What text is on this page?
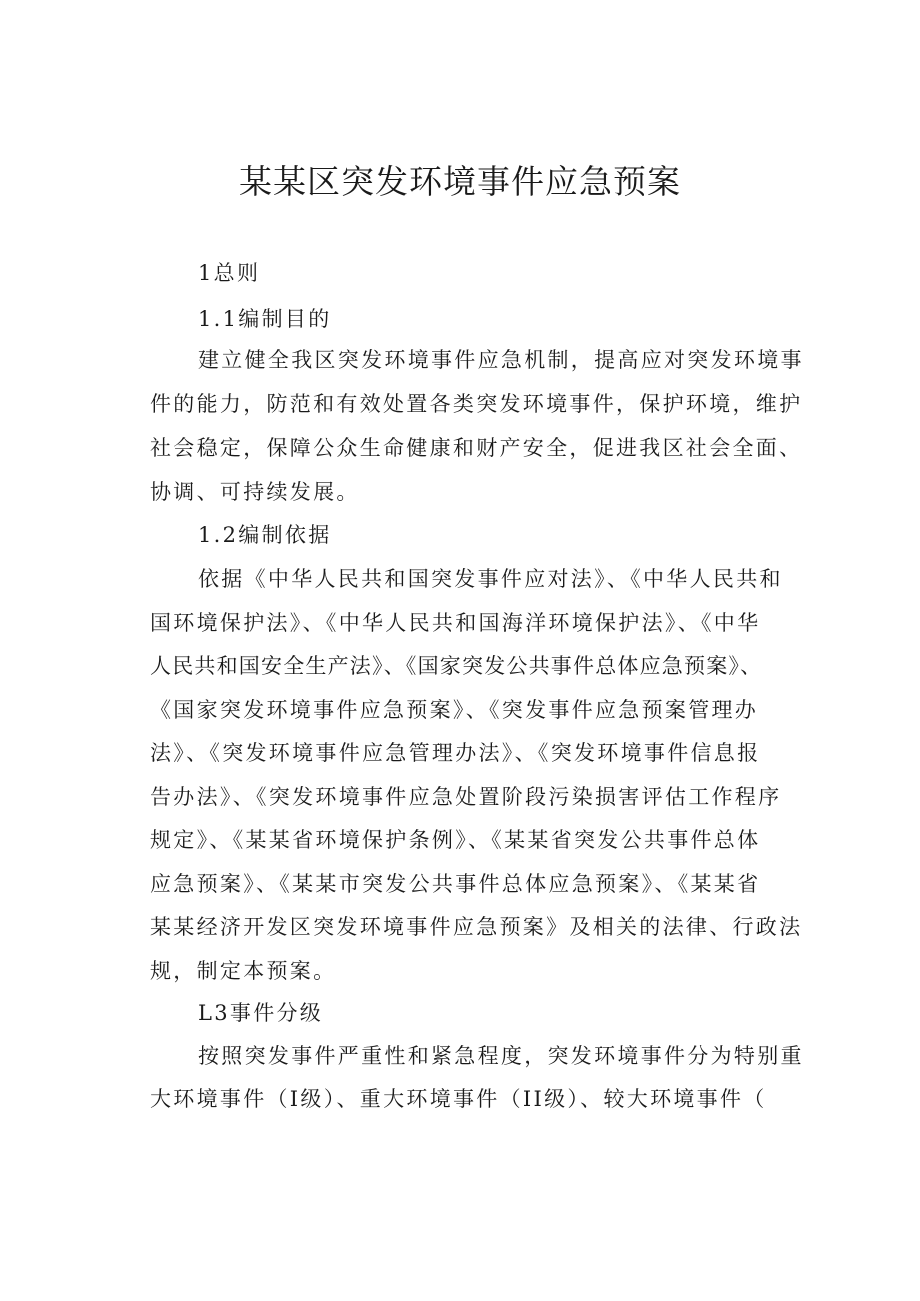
某某区突发环境事件应急预案
1总则
1.1编制目的
建立健全我区突发环境事件应急机制，提高应对突发环境事
件的能力，防范和有效处置各类突发环境事件，保护环境，维护
社会稳定，保障公众生命健康和财产安全，促进我区社会全面、
协调、可持续发展。
1.2编制依据
依据《中华人民共和国突发事件应对法》、《中华人民共和
国环境保护法》、《中华人民共和国海洋环境保护法》、《中华
人民共和国安全生产法》、《国家突发公共事件总体应急预案》、
《国家突发环境事件应急预案》、《突发事件应急预案管理办
法》、《突发环境事件应急管理办法》、《突发环境事件信息报
告办法》、《突发环境事件应急处置阶段污染损害评估工作程序
规定》、《某某省环境保护条例》、《某某省突发公共事件总体
应急预案》、《某某市突发公共事件总体应急预案》、《某某省
某某经济开发区突发环境事件应急预案》及相关的法律、行政法
规，制定本预案。
L3事件分级
按照突发事件严重性和紧急程度，突发环境事件分为特别重
大环境事件（I级）、重大环境事件（II级）、较大环境事件（
